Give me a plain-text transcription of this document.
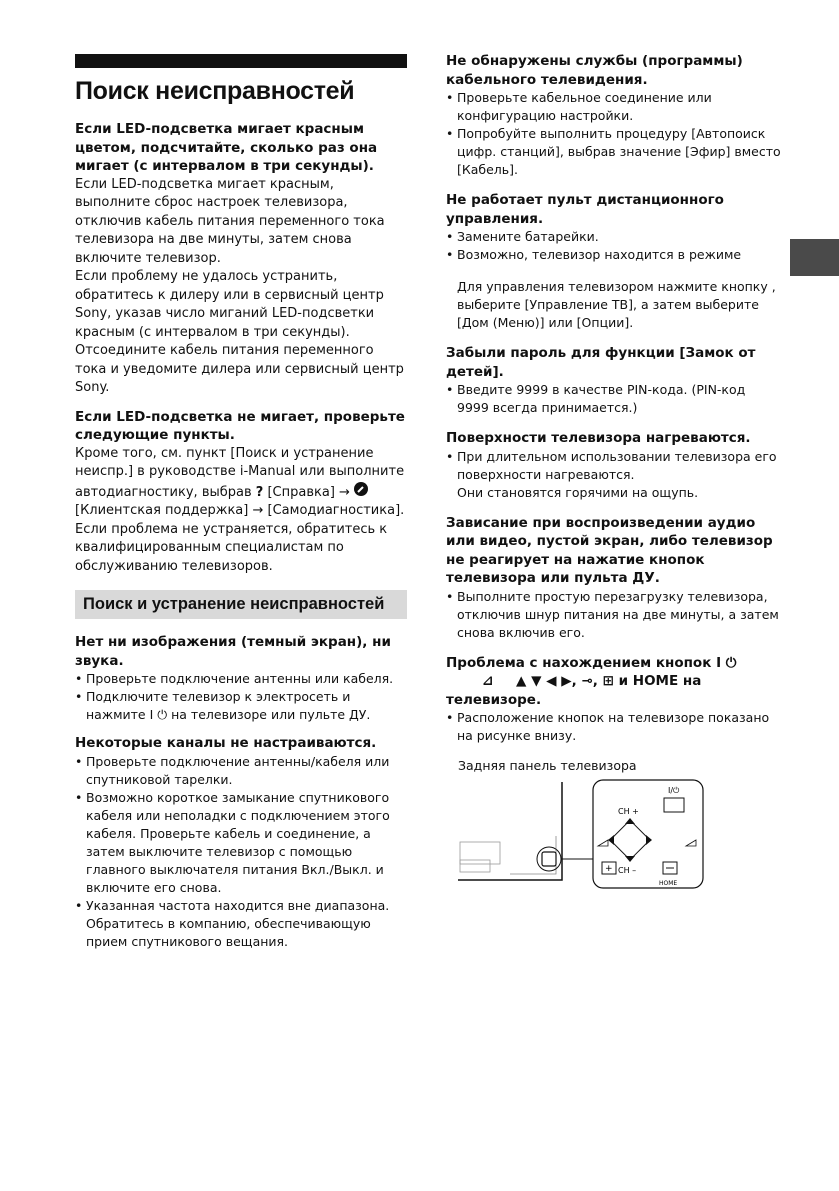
Поиск неисправностей
Если LED-подсветка мигает красным цветом, подсчитайте, сколько раз она мигает (с интервалом в три секунды).
Если LED-подсветка мигает красным, выполните сброс настроек телевизора, отключив кабель питания переменного тока телевизора на две минуты, затем снова включите телевизор.
Если проблему не удалось устранить, обратитесь к дилеру или в сервисный центр Sony, указав число миганий LED-подсветки красным (с интервалом в три секунды). Отсоедините кабель питания переменного тока и уведомите дилера или сервисный центр Sony.
Если LED-подсветка не мигает, проверьте следующие пункты.
Кроме того, см. пункт [Поиск и устранение неиспр.] в руководстве i-Manual или выполните автодиагностику, выбрав ? [Справка] →  [Клиентская поддержка] → [Самодиагностика]. Если проблема не устраняется, обратитесь к квалифицированным специалистам по обслуживанию телевизоров.
Поиск и устранение неисправностей
Нет ни изображения (темный экран), ни звука.
• Проверьте подключение антенны или кабеля.
• Подключите телевизор к электросеть и нажмите I ⏻ на телевизоре или пульте ДУ.
Некоторые каналы не настраиваются.
• Проверьте подключение антенны/кабеля или спутниковой тарелки.
• Возможно короткое замыкание спутникового кабеля или неполадки с подключением этого кабеля. Проверьте кабель и соединение, а затем выключите телевизор с помощью главного выключателя питания Вкл./Выкл. и включите его снова.
• Указанная частота находится вне диапазона. Обратитесь в компанию, обеспечивающую прием спутникового вещания.
Не обнаружены службы (программы) кабельного телевидения.
• Проверьте кабельное соединение или конфигурацию настройки.
• Попробуйте выполнить процедуру [Автопоиск цифр. станций], выбрав значение [Эфир] вместо [Кабель].
Не работает пульт дистанционного управления.
• Замените батарейки.
• Возможно, телевизор находится в режиме
Для управления телевизором нажмите кнопку , выберите [Управление ТВ], а затем выберите [Дом (Меню)] или [Опции].
Забыли пароль для функции [Замок от детей].
• Введите 9999 в качестве PIN-кода. (PIN-код 9999 всегда принимается.)
Поверхности телевизора нагреваются.
• При длительном использовании телевизора его поверхности нагреваются.
Они становятся горячими на ощупь.
Зависание при воспроизведении аудио или видео, пустой экран, либо телевизор не реагирует на нажатие кнопок телевизора или пульта ДУ.
• Выполните простую перезагрузку телевизора, отключив шнур питания на две минуты, а затем снова включив его.
Проблема с нахождением кнопок I ⏻ ⊿ ▲ ▼ ◀ ▶, ⊸, ⊞ и HOME на
телевизоре.
• Расположение кнопок на телевизоре показано на рисунке внизу.
Задняя панель телевизора
CH +
CH –
I/⏻
+
HOME
